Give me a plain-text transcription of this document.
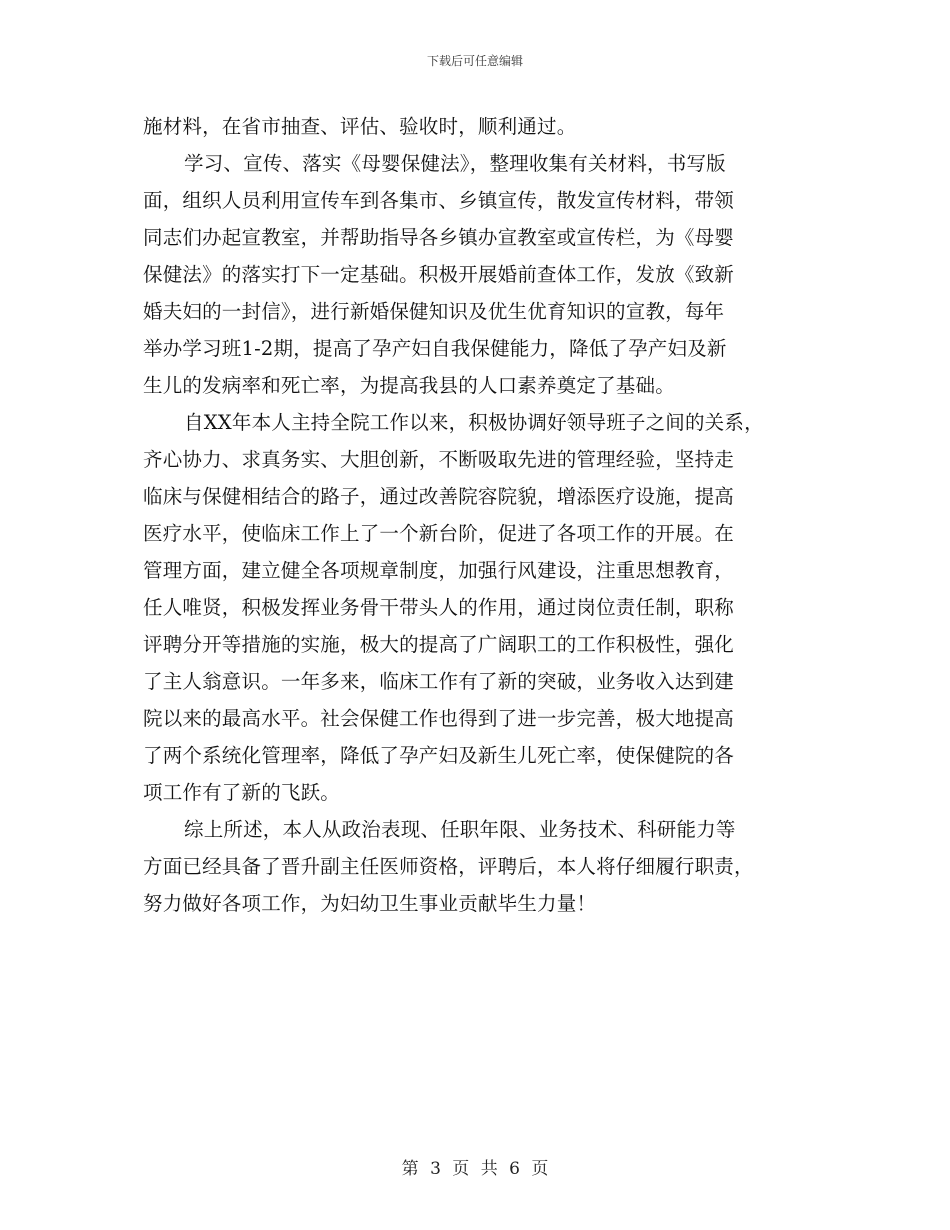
下载后可任意编辑
施材料，在省市抽查、评估、验收时，顺利通过。
学习、宣传、落实《母婴保健法》，整理收集有关材料，书写版
面，组织人员利用宣传车到各集市、乡镇宣传，散发宣传材料，带领
同志们办起宣教室，并帮助指导各乡镇办宣教室或宣传栏，为《母婴
保健法》的落实打下一定基础。积极开展婚前查体工作，发放《致新
婚夫妇的一封信》，进行新婚保健知识及优生优育知识的宣教，每年
举办学习班1-2期，提高了孕产妇自我保健能力，降低了孕产妇及新
生儿的发病率和死亡率，为提高我县的人口素养奠定了基础。
自XX年本人主持全院工作以来，积极协调好领导班子之间的关系，
齐心协力、求真务实、大胆创新，不断吸取先进的管理经验，坚持走
临床与保健相结合的路子，通过改善院容院貌，增添医疗设施，提高
医疗水平，使临床工作上了一个新台阶，促进了各项工作的开展。在
管理方面，建立健全各项规章制度，加强行风建设，注重思想教育，
任人唯贤，积极发挥业务骨干带头人的作用，通过岗位责任制，职称
评聘分开等措施的实施，极大的提高了广阔职工的工作积极性，强化
了主人翁意识。一年多来，临床工作有了新的突破，业务收入达到建
院以来的最高水平。社会保健工作也得到了进一步完善，极大地提高
了两个系统化管理率，降低了孕产妇及新生儿死亡率，使保健院的各
项工作有了新的飞跃。
综上所述，本人从政治表现、任职年限、业务技术、科研能力等
方面已经具备了晋升副主任医师资格，评聘后，本人将仔细履行职责，
努力做好各项工作，为妇幼卫生事业贡献毕生力量！
第 3 页 共 6 页
